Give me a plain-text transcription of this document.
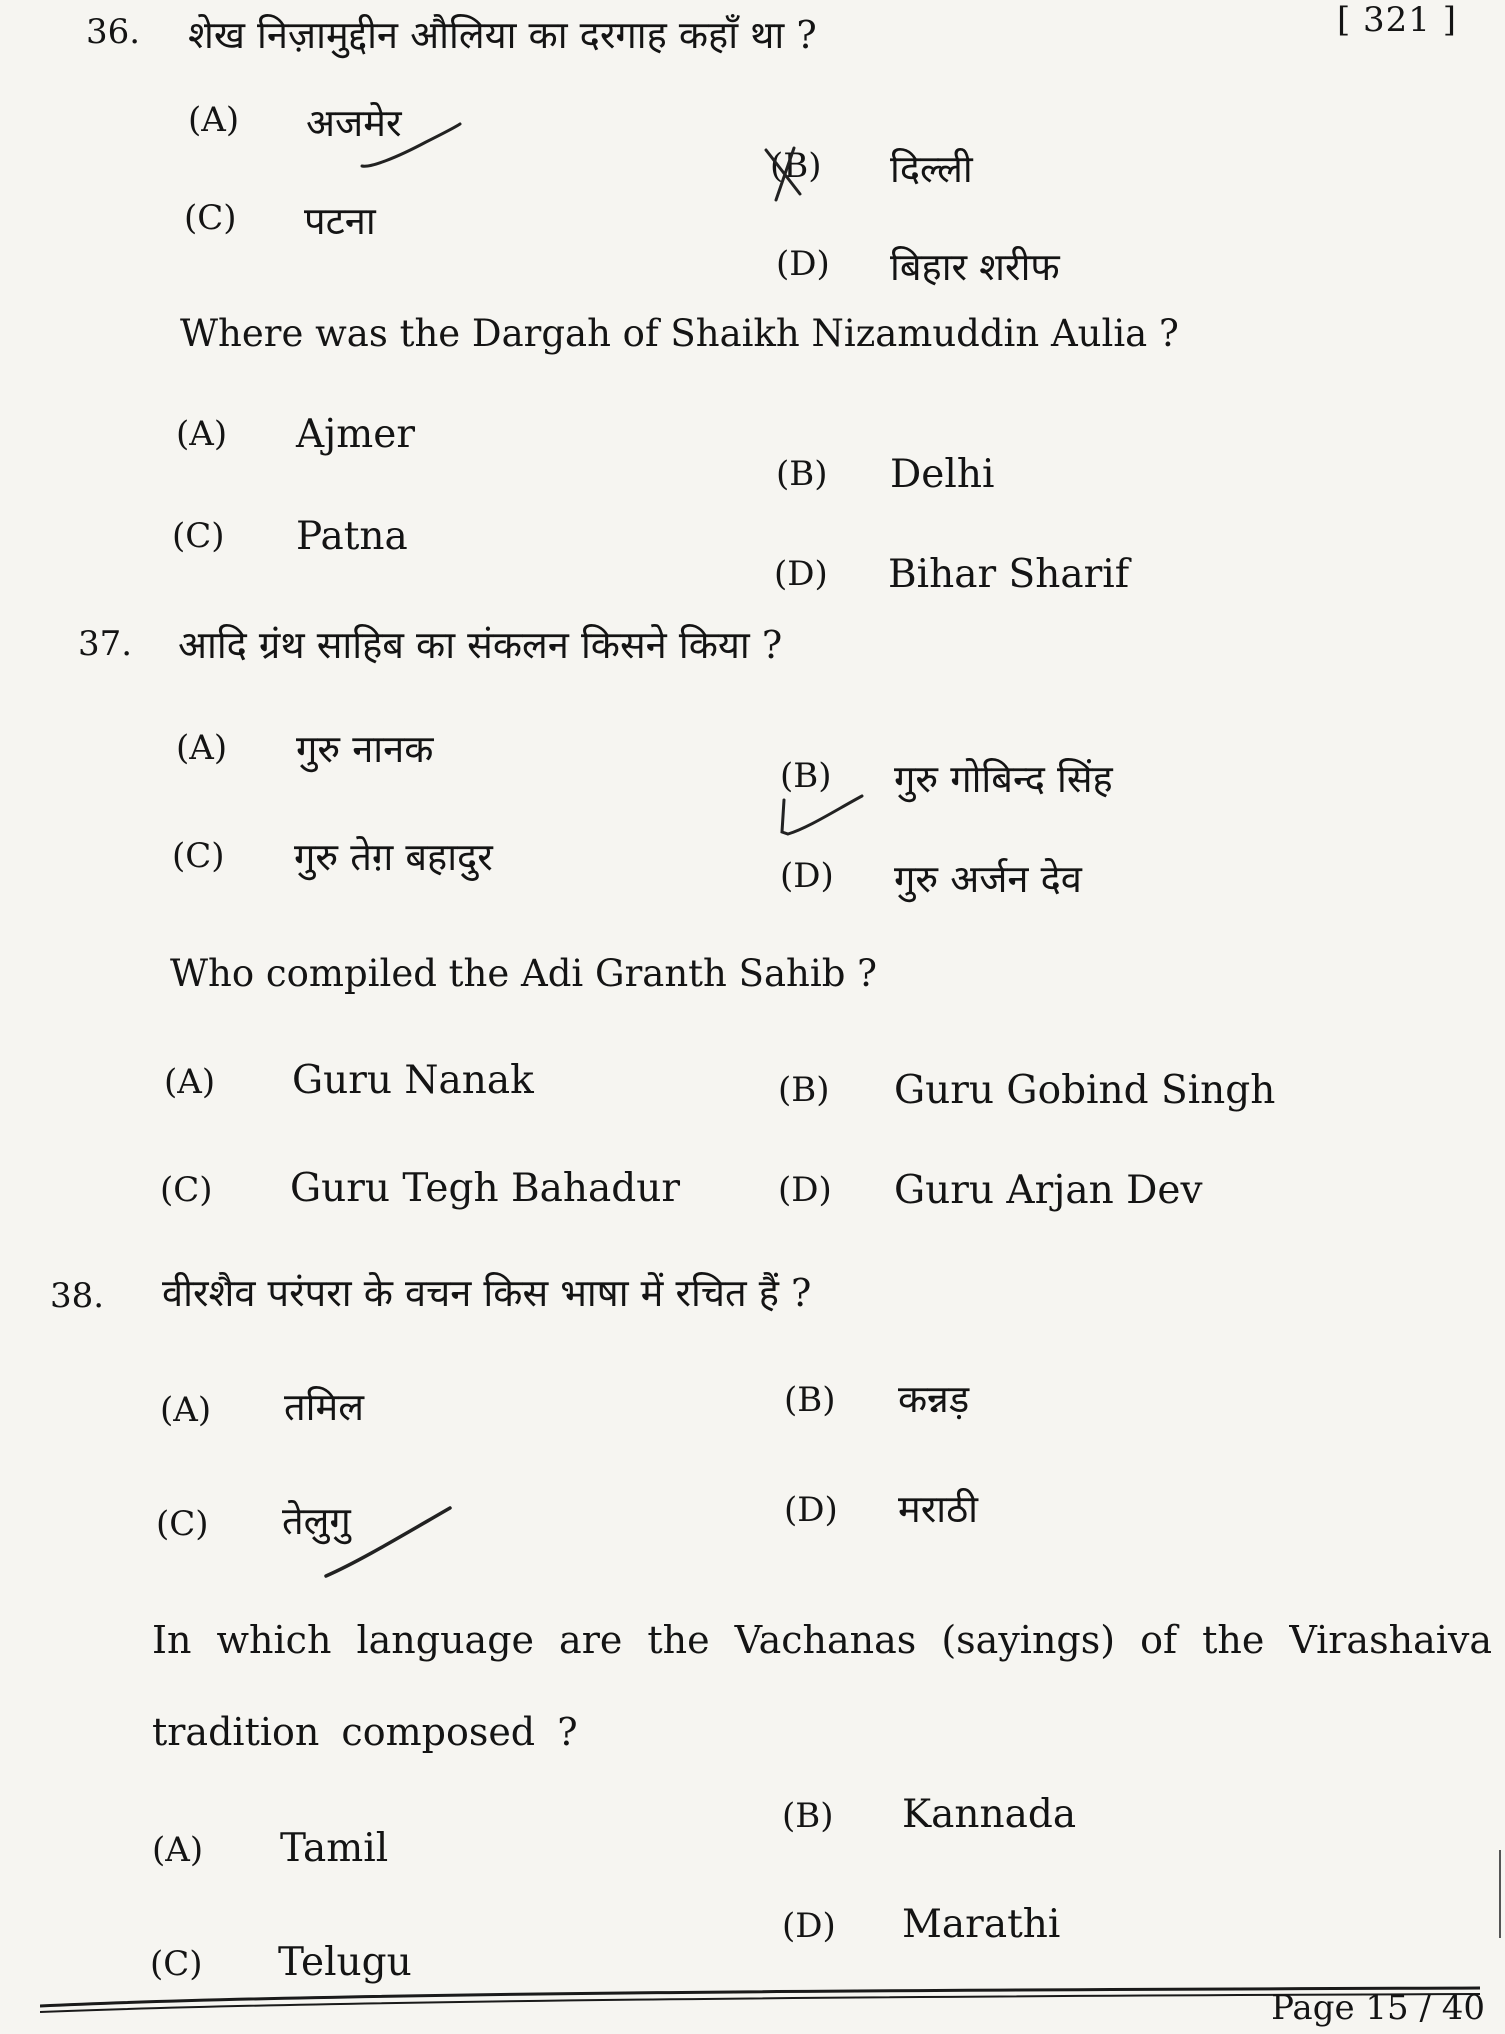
[ 321 ]
36. शेख निज़ामुद्दीन औलिया का दरगाह कहाँ था ?
(A) अजमेर
(B) दिल्ली
(C) पटना
(D) बिहार शरीफ
Where was the Dargah of Shaikh Nizamuddin Aulia ?
(A) Ajmer
(B) Delhi
(C) Patna
(D) Bihar Sharif
37. आदि ग्रंथ साहिब का संकलन किसने किया ?
(A) गुरु नानक
(B) गुरु गोबिन्द सिंह
(C) गुरु तेग़ बहादुर	(D) गुरु अर्जन देव
Who compiled the Adi Granth Sahib ?
(A) Guru Nanak	(B) Guru Gobind Singh
(C) Guru Tegh Bahadur	(D) Guru Arjan Dev
38. वीरशैव परंपरा के वचन किस भाषा में रचित हैं ?
(A) तमिल	(B) कन्नड़
(C) तेलुगु	(D) मराठी
In which language are the Vachanas (sayings) of the Virashaiva tradition composed ?
(A) Tamil
(B) Kannada
(C) Telugu
(D) Marathi
Page 15 / 40
